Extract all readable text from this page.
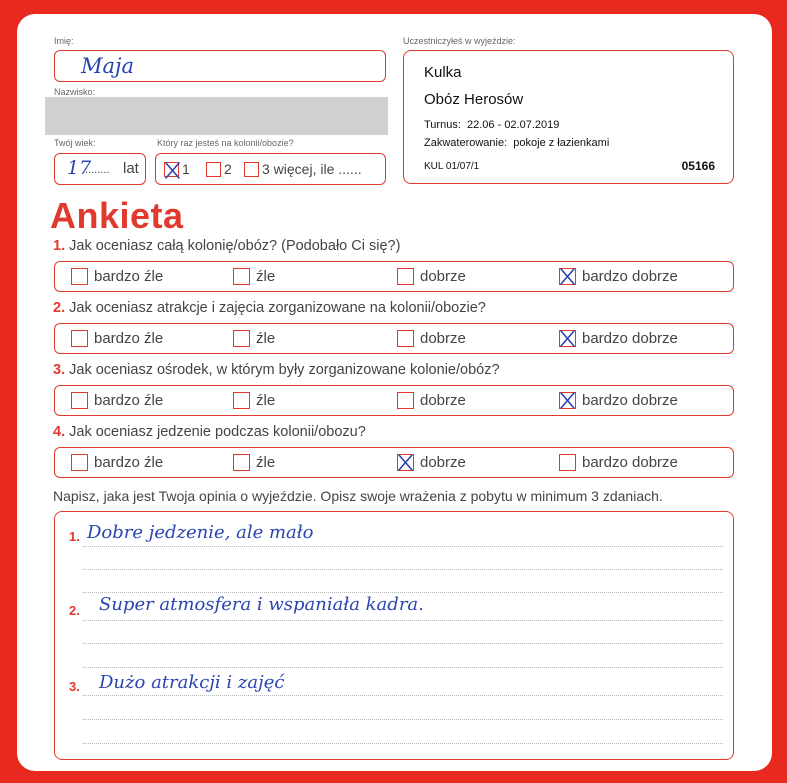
Imię:
Maja
Nazwisko:
Twój wiek:
17
........ lat
Który raz jesteś na kolonii/obozie?
1 2 3 więcej, ile ......
Uczestniczyłeś w wyjeździe:
Kulka
Obóz Herosów
Turnus: 22.06 - 02.07.2019
Zakwaterowanie: pokoje z łazienkami
KUL 01/07/1	05166
Ankieta
1. Jak oceniasz całą kolonię/obóz? (Podobało Ci się?)
bardzo źle	źle	dobrze	bardzo dobrze
2. Jak oceniasz atrakcje i zajęcia zorganizowane na kolonii/obozie?
bardzo źle	źle	dobrze	bardzo dobrze
3. Jak oceniasz ośrodek, w którym były zorganizowane kolonie/obóz?
bardzo źle	źle	dobrze	bardzo dobrze
4. Jak oceniasz jedzenie podczas kolonii/obozu?
bardzo źle	źle	dobrze	bardzo dobrze
Napisz, jaka jest Twoja opinia o wyjeździe. Opisz swoje wrażenia z pobytu w minimum 3 zdaniach.
1. Dobre jedzenie, ale mało
2. Super atmosfera i wspaniała kadra.
3. Dużo atrakcji i zajęć
